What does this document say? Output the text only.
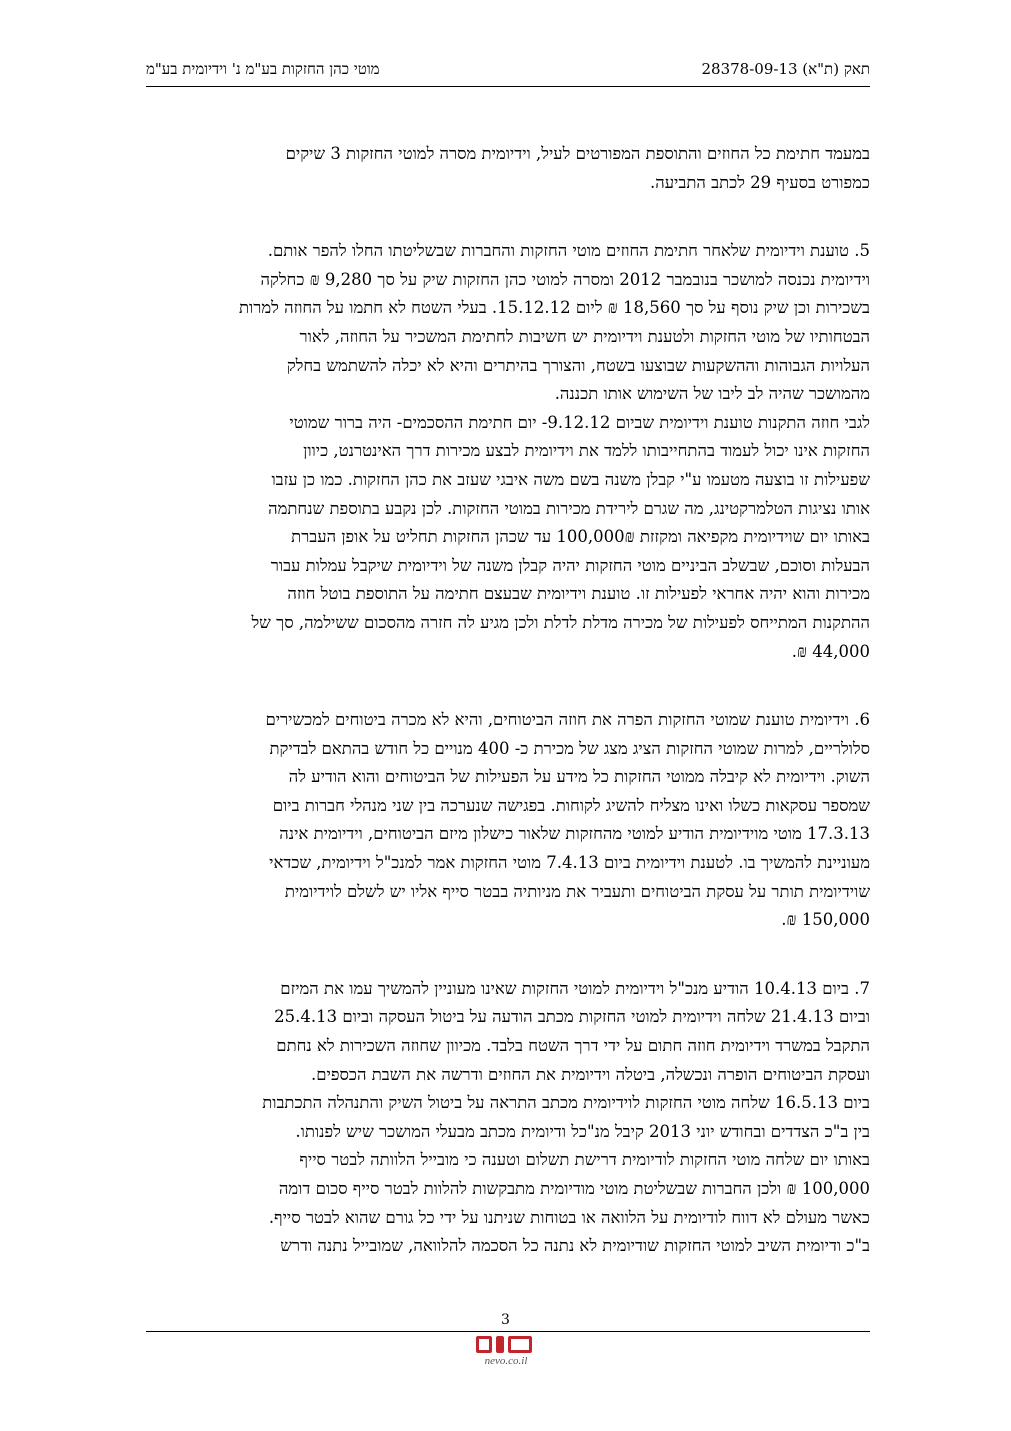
תאק (ת"א) 28378-09-13
מוטי כהן החזקות בע"מ נ' וידיומית בע"מ
במעמד חתימת כל החוזים והתוספת המפורטים לעיל, וידיומית מסרה למוטי החזקות 3 שיקים
כמפורט בסעיף 29 לכתב התביעה.
5. טוענת וידיומית שלאחר חתימת החוזים מוטי החזקות והחברות שבשליטתו החלו להפר אותם.
וידיומית נכנסה למושכר בנובמבר 2012 ומסרה למוטי כהן החזקות שיק על סך 9,280 ₪ כחלקה
בשכירות וכן שיק נוסף על סך 18,560 ₪ ליום 15.12.12. בעלי השטח לא חתמו על החוזה למרות
הבטחותיו של מוטי החזקות ולטענת וידיומית יש חשיבות לחתימת המשכיר על החוזה, לאור
העלויות הגבוהות וההשקעות שבוצעו בשטח, והצורך בהיתרים והיא לא יכלה להשתמש בחלק
מהמושכר שהיה לב ליבו של השימוש אותו תכננה.
לגבי חוזה התקנות טוענת וידיומית שביום 9.12.12- יום חתימת ההסכמים- היה ברור שמוטי
החזקות אינו יכול לעמוד בהתחייבותו ללמד את וידיומית לבצע מכירות דרך האינטרנט, כיוון
שפעילות זו בוצעה מטעמו ע"י קבלן משנה בשם משה איבגי שעזב את כהן החזקות. כמו כן עזבו
אותו נציגות הטלמרקטינג, מה שגרם לירידת מכירות במוטי החזקות. לכן נקבע בתוספת שנחתמה
באותו יום שוידיומית מקפיאה ומקזזת 100,000₪ עד שכהן החזקות תחליט על אופן העברת
הבעלות וסוכם, שבשלב הביניים מוטי החזקות יהיה קבלן משנה של וידיומית שיקבל עמלות עבור
מכירות והוא יהיה אחראי לפעילות זו. טוענת וידיומית שבעצם חתימה על התוספת בוטל חוזה
ההתקנות המתייחס לפעילות של מכירה מדלת לדלת ולכן מגיע לה חזרה מהסכום ששילמה, סך של
44,000 ₪.
6. וידיומית טוענת שמוטי החזקות הפרה את חוזה הביטוחים, והיא לא מכרה ביטוחים למכשירים
סלולריים, למרות שמוטי החזקות הציג מצג של מכירת כ- 400 מנויים כל חודש בהתאם לבדיקת
השוק. וידיומית לא קיבלה ממוטי החזקות כל מידע על הפעילות של הביטוחים והוא הודיע לה
שמספר עסקאות כשלו ואינו מצליח להשיג לקוחות. בפגישה שנערכה בין שני מנהלי חברות ביום
17.3.13 מוטי מוידיומית הודיע למוטי מהחזקות שלאור כישלון מיזם הביטוחים, וידיומית אינה
מעוניינת להמשיך בו. לטענת וידיומית ביום 7.4.13 מוטי החזקות אמר למנכ"ל וידיומית, שכדאי
שוידיומית תותר על עסקת הביטוחים ותעביר את מניותיה בבטר סייף אליו יש לשלם לוידיומית
150,000 ₪.
7. ביום 10.4.13 הודיע מנכ"ל וידיומית למוטי החזקות שאינו מעוניין להמשיך עמו את המיזם
וביום 21.4.13 שלחה וידיומית למוטי החזקות מכתב הודעה על ביטול העסקה וביום 25.4.13
התקבל במשרד וידיומית חוזה חתום על ידי דרך השטח בלבד. מכיוון שחוזה השכירות לא נחתם
ועסקת הביטוחים הופרה ונכשלה, ביטלה וידיומית את החוזים ודרשה את השבת הכספים.
ביום 16.5.13 שלחה מוטי החזקות לוידיומית מכתב התראה על ביטול השיק והתנהלה התכתבות
בין ב"כ הצדדים ובחודש יוני 2013 קיבל מנ"כל ודיומית מכתב מבעלי המושכר שיש לפנותו.
באותו יום שלחה מוטי החזקות לודיומית דרישת תשלום וטענה כי מובייל הלוותה לבטר סייף
100,000 ₪ ולכן החברות שבשליטת מוטי מודיומית מתבקשות להלוות לבטר סייף סכום דומה
כאשר מעולם לא דווח לודיומית על הלוואה או בטוחות שניתנו על ידי כל גורם שהוא לבטר סייף.
ב"כ ודיומית השיב למוטי החזקות שודיומית לא נתנה כל הסכמה להלוואה, שמובייל נתנה ודרש
3
nevo.co.il
